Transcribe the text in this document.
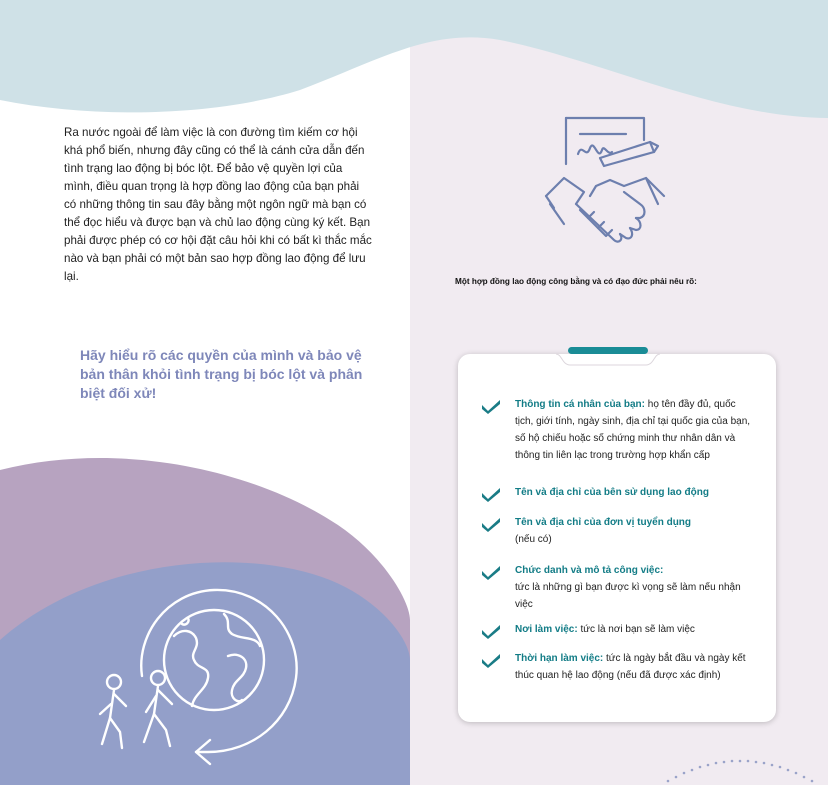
Ra nước ngoài để làm việc là con đường tìm kiếm cơ hội khá phổ biến, nhưng đây cũng có thể là cánh cửa dẫn đến tình trạng lao động bị bóc lột. Để bảo vệ quyền lợi của mình, điều quan trọng là hợp đồng lao động của bạn phải có những thông tin sau đây bằng một ngôn ngữ mà bạn có thể đọc hiểu và được bạn và chủ lao động cùng ký kết. Bạn phải được phép có cơ hội đặt câu hỏi khi có bất kì thắc mắc nào và bạn phải có một bản sao hợp đồng lao động để lưu lại.

Hãy hiểu rõ các quyền của mình và bảo vệ bản thân khỏi tình trạng bị bóc lột và phân biệt đối xử!

Một hợp đồng lao động công bằng và có đạo đức phải nêu rõ:

Thông tin cá nhân của bạn: họ tên đầy đủ, quốc tịch, giới tính, ngày sinh, địa chỉ tại quốc gia của bạn, số hộ chiếu hoặc số chứng minh thư nhân dân và thông tin liên lạc trong trường hợp khẩn cấp
Tên và địa chỉ của bên sử dụng lao động
Tên và địa chỉ của đơn vị tuyển dụng
(nếu có)
Chức danh và mô tả công việc:
tức là những gì bạn được kì vọng sẽ làm nếu nhận việc
Nơi làm việc: tức là nơi bạn sẽ làm việc
Thời hạn làm việc: tức là ngày bắt đầu và ngày kết thúc quan hệ lao động (nếu đã được xác định)
